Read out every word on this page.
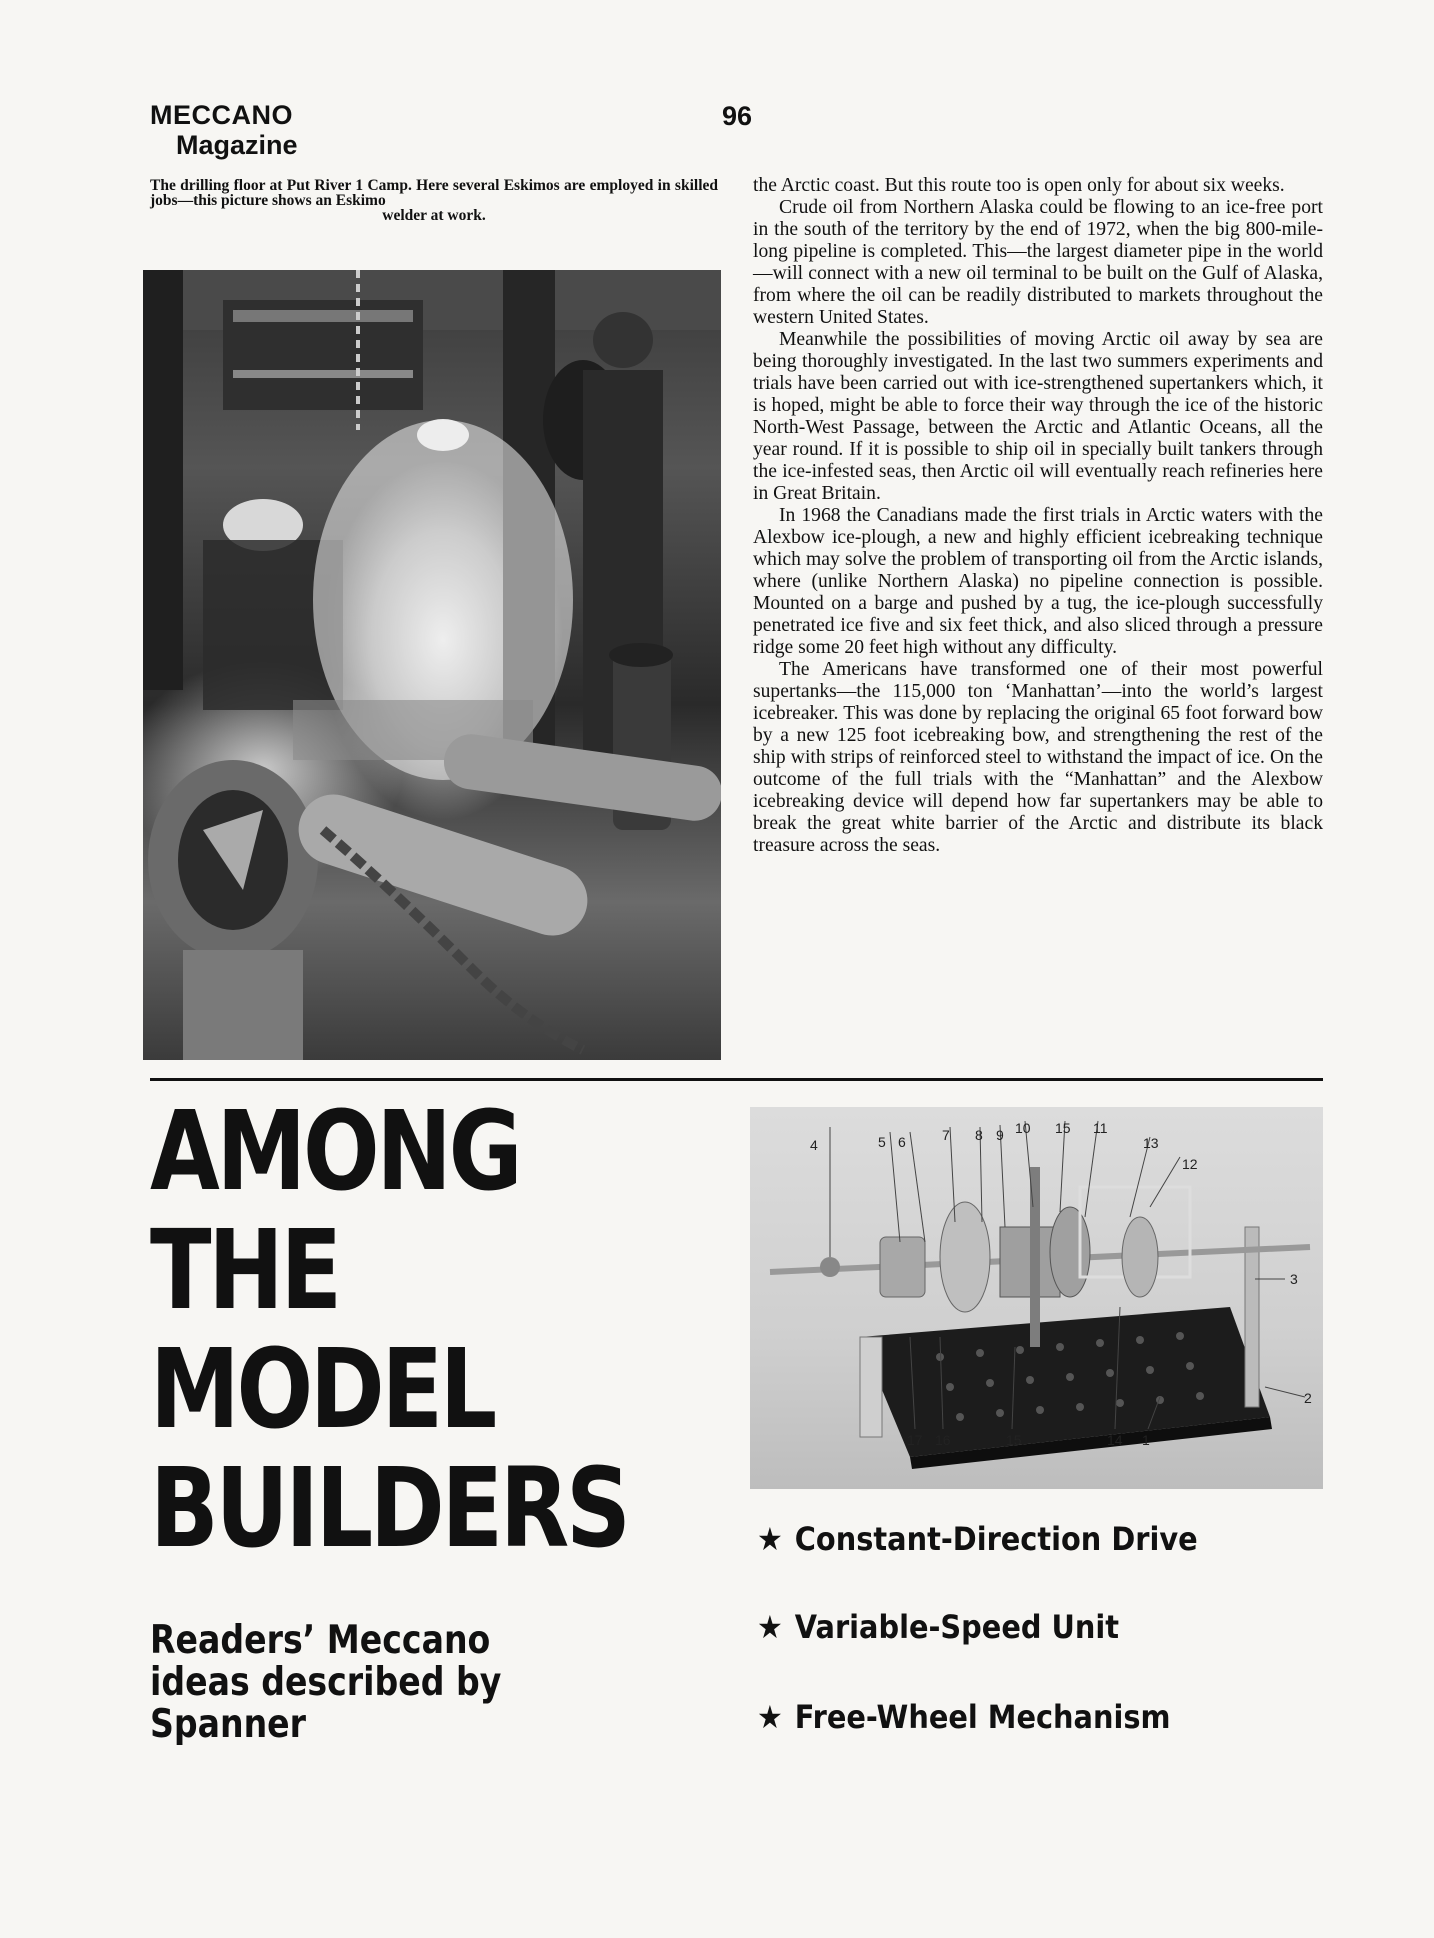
MECCANO
Magazine
96
The drilling floor at Put River 1 Camp. Here several Eskimos are employed in skilled jobs—this picture shows an Eskimo
welder at work.

the Arctic coast. But this route too is open only for about six weeks.

Crude oil from Northern Alaska could be flowing to an ice-free port in the south of the territory by the end of 1972, when the big 800-mile-long pipeline is completed. This—the largest diameter pipe in the world—will connect with a new oil terminal to be built on the Gulf of Alaska, from where the oil can be readily distributed to markets throughout the western United States.

Meanwhile the possibilities of moving Arctic oil away by sea are being thoroughly investigated. In the last two summers experiments and trials have been carried out with ice-strengthened supertankers which, it is hoped, might be able to force their way through the ice of the historic North-West Passage, between the Arctic and Atlantic Oceans, all the year round. If it is possible to ship oil in specially built tankers through the ice-infested seas, then Arctic oil will eventually reach refineries here in Great Britain.

In 1968 the Canadians made the first trials in Arctic waters with the Alexbow ice-plough, a new and highly efficient icebreaking technique which may solve the problem of transporting oil from the Arctic islands, where (unlike Northern Alaska) no pipeline connection is possible. Mounted on a barge and pushed by a tug, the ice-plough successfully penetrated ice five and six feet thick, and also sliced through a pressure ridge some 20 feet high without any difficulty.

The Americans have transformed one of their most powerful supertanks—the 115,000 ton ‘Manhattan’—into the world’s largest icebreaker. This was done by replacing the original 65 foot forward bow by a new 125 foot icebreaking bow, and strengthening the rest of the ship with strips of reinforced steel to withstand the impact of ice. On the outcome of the full trials with the “Manhattan” and the Alexbow icebreaking device will depend how far supertankers may be able to break the great white barrier of the Arctic and distribute its black treasure across the seas.

AMONG
THE
MODEL
BUILDERS
Readers’ Meccano ideas described by Spanner
4	5 6	7 8 9 10 15 11
13
12
3
2
17 16	15	14 1
★ Constant-Direction Drive
★ Variable-Speed Unit
★ Free-Wheel Mechanism
